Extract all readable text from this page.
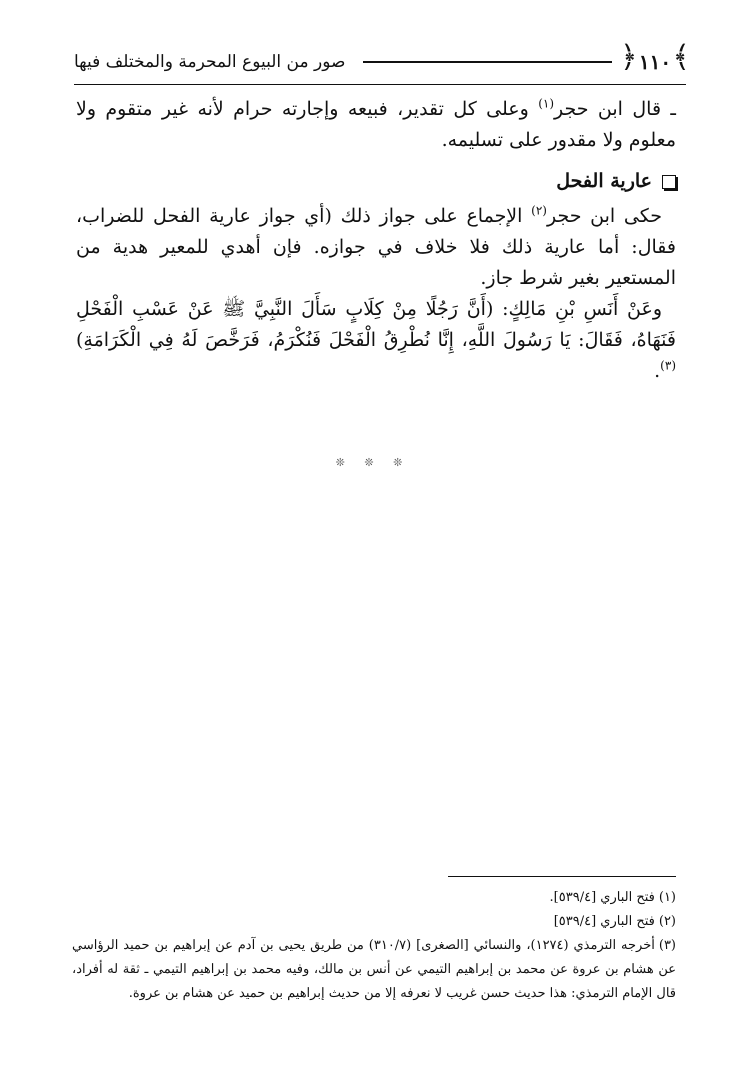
﴾ ١١٠ ﴿
صور من البيوع المحرمة والمختلف فيها

ـ قال ابن حجر$^{(١)}$ وعلى كل تقدير، فبيعه وإجارته حرام لأنه غير متقوم ولا معلوم ولا مقدور على تسليمه.

عارية الفحل

حكى ابن حجر$^{(٢)}$ الإجماع على جواز ذلك (أي جواز عارية الفحل للضراب، فقال: أما عارية ذلك فلا خلاف في جوازه. فإن أهدي للمعير هدية من المستعير بغير شرط جاز.

وعَنْ أَنَسِ بْنِ مَالِكٍ: (أَنَّ رَجُلًا مِنْ كِلَابٍ سَأَلَ النَّبِيَّ ﷺ عَنْ عَسْبِ الْفَحْلِ فَنَهَاهُ، فَقَالَ: يَا رَسُولَ اللَّهِ، إِنَّا نُطْرِقُ الْفَحْلَ فَنُكْرَمُ، فَرَخَّصَ لَهُ فِي الْكَرَامَةِ)$^{(٣)}$.

❊ ❊ ❊

(١)فتح الباري [٥٣٩/٤].

(٢)فتح الباري [٥٣٩/٤]

(٣)أخرجه الترمذي (١٢٧٤)، والنسائي [الصغرى] (٣١٠/٧) من طريق يحيى بن آدم عن إبراهيم بن حميد الرؤاسي عن هشام بن عروة عن محمد بن إبراهيم التيمي عن أنس بن مالك، وفيه محمد بن إبراهيم التيمي ـ ثقة له أفراد، قال الإمام الترمذي: هذا حديث حسن غريب لا نعرفه إلا من حديث إبراهيم بن حميد عن هشام بن عروة.
